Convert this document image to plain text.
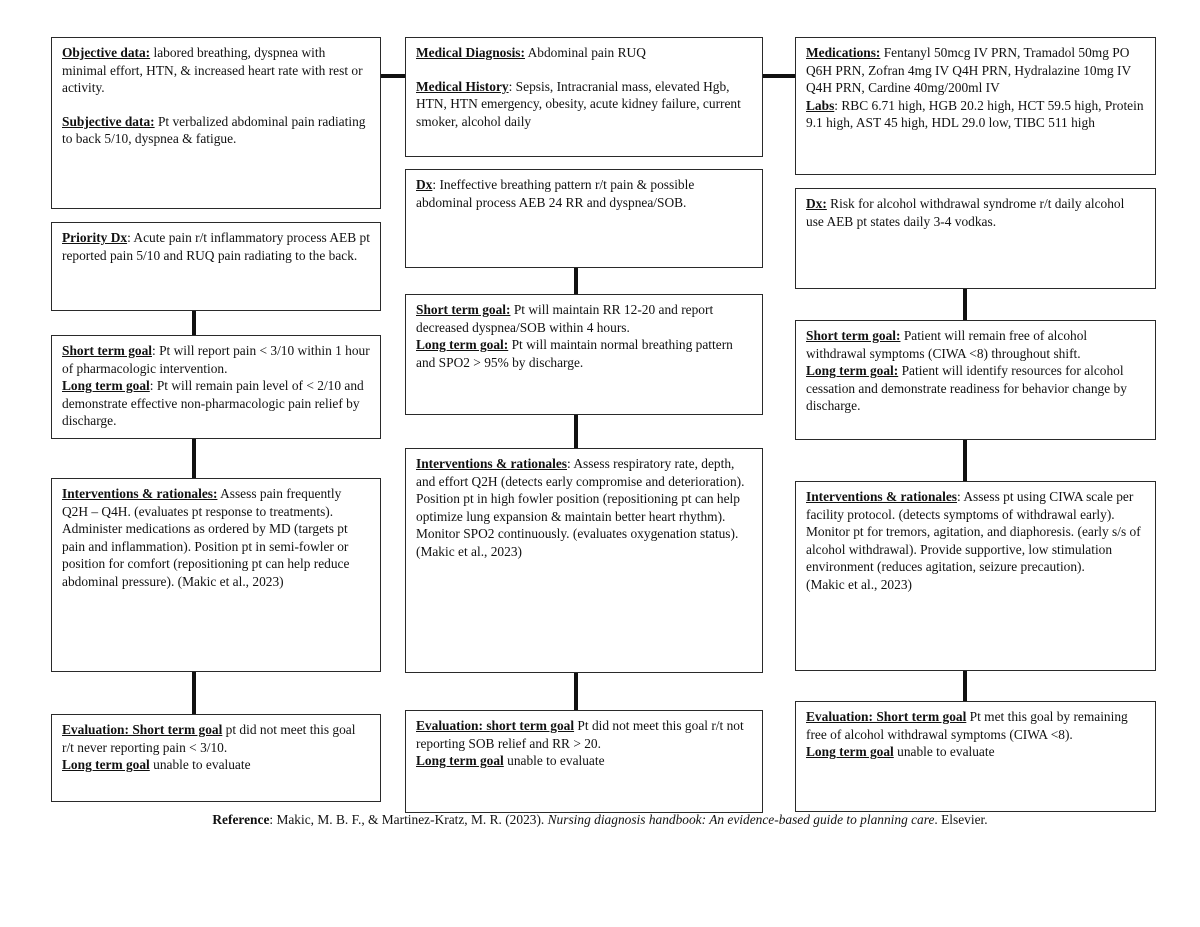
Objective data: labored breathing, dyspnea with minimal effort, HTN, & increased heart rate with rest or activity.

Subjective data: Pt verbalized abdominal pain radiating to back 5/10, dyspnea & fatigue.

Priority Dx: Acute pain r/t inflammatory process AEB pt reported pain 5/10 and RUQ pain radiating to the back.

Short term goal: Pt will report pain < 3/10 within 1 hour of pharmacologic intervention.

Long term goal: Pt will remain pain level of < 2/10 and demonstrate effective non-pharmacologic pain relief by discharge.

Interventions & rationales: Assess pain frequently Q2H – Q4H. (evaluates pt response to treatments). Administer medications as ordered by MD (targets pt pain and inflammation). Position pt in semi-fowler or position for comfort (repositioning pt can help reduce abdominal pressure). (Makic et al., 2023)

Evaluation: Short term goal pt did not meet this goal r/t never reporting pain < 3/10.

Long term goal unable to evaluate

Medical Diagnosis: Abdominal pain RUQ

Medical History: Sepsis, Intracranial mass, elevated Hgb, HTN, HTN emergency, obesity, acute kidney failure, current smoker, alcohol daily

Dx: Ineffective breathing pattern r/t pain & possible abdominal process AEB 24 RR and dyspnea/SOB.

Short term goal: Pt will maintain RR 12-20 and report decreased dyspnea/SOB within 4 hours.

Long term goal: Pt will maintain normal breathing pattern and SPO2 > 95% by discharge.

Interventions & rationales: Assess respiratory rate, depth, and effort Q2H (detects early compromise and deterioration). Position pt in high fowler position (repositioning pt can help optimize lung expansion & maintain better heart rhythm). Monitor SPO2 continuously. (evaluates oxygenation status). (Makic et al., 2023)

Evaluation: short term goal Pt did not meet this goal r/t not reporting SOB relief and RR > 20.

Long term goal unable to evaluate

Medications: Fentanyl 50mcg IV PRN, Tramadol 50mg PO Q6H PRN, Zofran 4mg IV Q4H PRN, Hydralazine 10mg IV Q4H PRN, Cardine 40mg/200ml IV

Labs: RBC 6.71 high, HGB 20.2 high, HCT 59.5 high, Protein 9.1 high, AST 45 high, HDL 29.0 low, TIBC 511 high

Dx: Risk for alcohol withdrawal syndrome r/t daily alcohol use AEB pt states daily 3-4 vodkas.

Short term goal: Patient will remain free of alcohol withdrawal symptoms (CIWA <8) throughout shift.

Long term goal: Patient will identify resources for alcohol cessation and demonstrate readiness for behavior change by discharge.

Interventions & rationales: Assess pt using CIWA scale per facility protocol. (detects symptoms of withdrawal early). Monitor pt for tremors, agitation, and diaphoresis. (early s/s of alcohol withdrawal). Provide supportive, low stimulation environment (reduces agitation, seizure precaution).

(Makic et al., 2023)

Evaluation: Short term goal Pt met this goal by remaining free of alcohol withdrawal symptoms (CIWA <8).

Long term goal unable to evaluate

Reference: Makic, M. B. F., & Martinez-Kratz, M. R. (2023). Nursing diagnosis handbook: An evidence-based guide to planning care. Elsevier.
